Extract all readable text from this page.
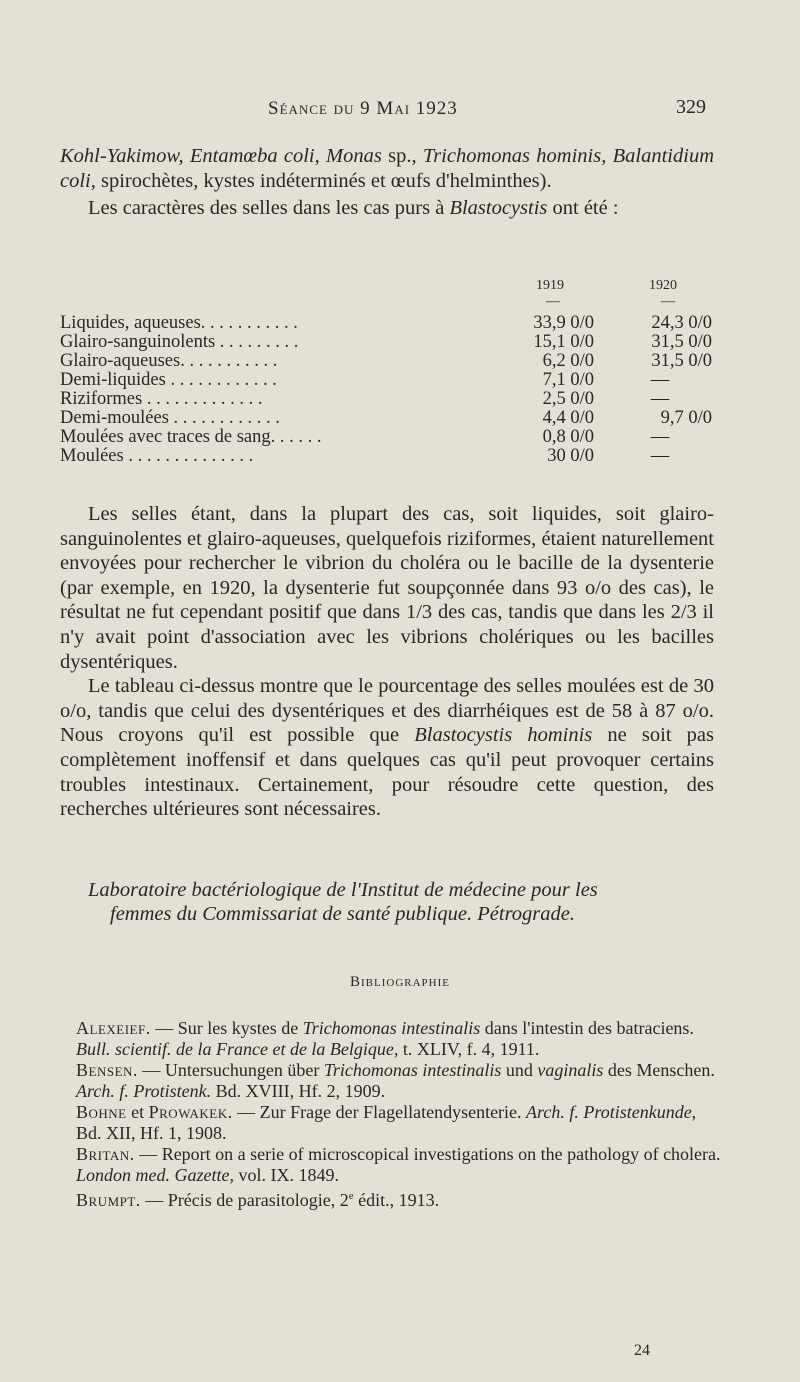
Séance du 9 Mai 1923	329

Kohl-Yakimow, Entamœba coli, Monas sp., Trichomonas hominis, Balantidium coli, spirochètes, kystes indéterminés et œufs d'helminthes).

Les caractères des selles dans les cas purs à Blastocystis ont été :

1919	1920
—	—
Liquides, aqueuses. . . . . . . . . . .	33,9 0/0	24,3 0/0
Glairo-sanguinolents . . . . . . . . .	15,1 0/0	31,5 0/0
Glairo-aqueuses. . . . . . . . . . .	6,2 0/0	31,5 0/0
Demi-liquides . . . . . . . . . . . .	7,1 0/0	—
Riziformes . . . . . . . . . . . . .	2,5 0/0	—
Demi-moulées . . . . . . . . . . . .	4,4 0/0	9,7 0/0
Moulées avec traces de sang. . . . . .	0,8 0/0	—
Moulées . . . . . . . . . . . . . .	30 0/0	—

Les selles étant, dans la plupart des cas, soit liquides, soit glairo-sanguinolentes et glairo-aqueuses, quelquefois riziformes, étaient naturellement envoyées pour rechercher le vibrion du choléra ou le bacille de la dysenterie (par exemple, en 1920, la dysenterie fut soupçonnée dans 93 o/o des cas), le résultat ne fut cependant positif que dans 1/3 des cas, tandis que dans les 2/3 il n'y avait point d'association avec les vibrions cholériques ou les bacilles dysentériques.

Le tableau ci-dessus montre que le pourcentage des selles moulées est de 30 o/o, tandis que celui des dysentériques et des diarrhéiques est de 58 à 87 o/o. Nous croyons qu'il est possible que Blastocystis hominis ne soit pas complètement inoffensif et dans quelques cas qu'il peut provoquer certains troubles intestinaux. Certainement, pour résoudre cette question, des recherches ultérieures sont nécessaires.

Laboratoire bactériologique de l'Institut de médecine pour les
femmes du Commissariat de santé publique. Pétrograde.
Bibliographie

Alexeief. — Sur les kystes de Trichomonas intestinalis dans l'intestin des batraciens. Bull. scientif. de la France et de la Belgique, t. XLIV, f. 4, 1911.

Bensen. — Untersuchungen über Trichomonas intestinalis und vaginalis des Menschen. Arch. f. Protistenk. Bd. XVIII, Hf. 2, 1909.

Bohne et Prowakek. — Zur Frage der Flagellatendysenterie. Arch. f. Protistenkunde, Bd. XII, Hf. 1, 1908.

Britan. — Report on a serie of microscopical investigations on the pathology of cholera. London med. Gazette, vol. IX. 1849.

Brumpt. — Précis de parasitologie, 2e édit., 1913.

24
